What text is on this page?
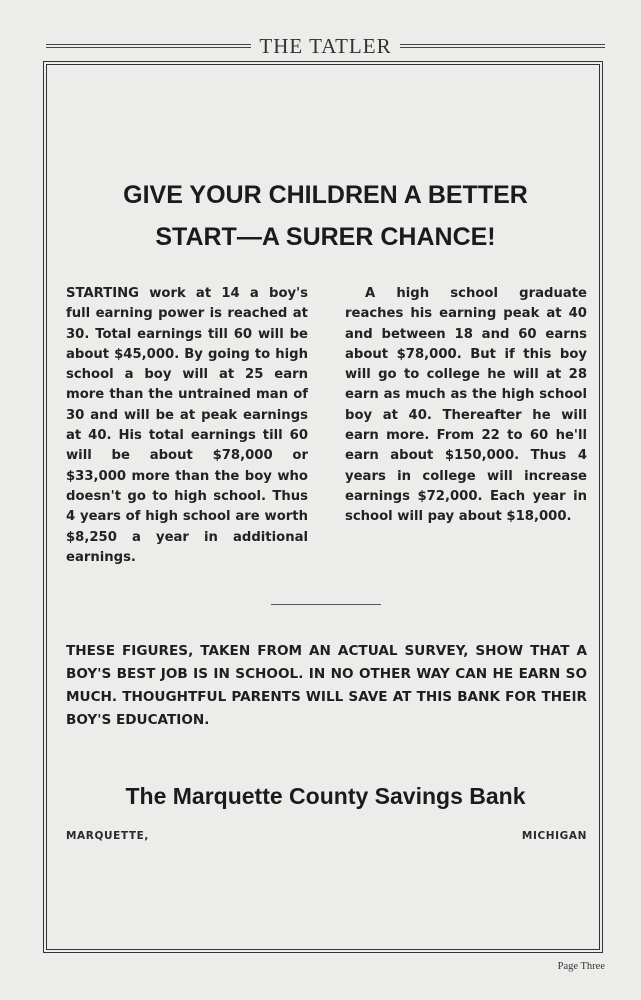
THE TATLER
GIVE YOUR CHILDREN A BETTER
START—A SURER CHANCE!
STARTING work at 14 a boy's full earning power is reached at 30. Total earnings till 60 will be about $45,000. By going to high school a boy will at 25 earn more than the untrained man of 30 and will be at peak earnings at 40. His total earnings till 60 will be about $78,000 or $33,000 more than the boy who doesn't go to high school. Thus 4 years of high school are worth $8,250 a year in additional earnings.
A high school graduate reaches his earning peak at 40 and between 18 and 60 earns about $78,000. But if this boy will go to college he will at 28 earn as much as the high school boy at 40. Thereafter he will earn more. From 22 to 60 he'll earn about $150,000. Thus 4 years in college will increase earnings $72,000. Each year in school will pay about $18,000.
THESE FIGURES, TAKEN FROM AN ACTUAL SURVEY, SHOW THAT A BOY'S BEST JOB IS IN SCHOOL. IN NO OTHER WAY CAN HE EARN SO MUCH. THOUGHTFUL PARENTS WILL SAVE AT THIS BANK FOR THEIR BOY'S EDUCATION.
The Marquette County Savings Bank
MARQUETTE,	MICHIGAN
Page Three
